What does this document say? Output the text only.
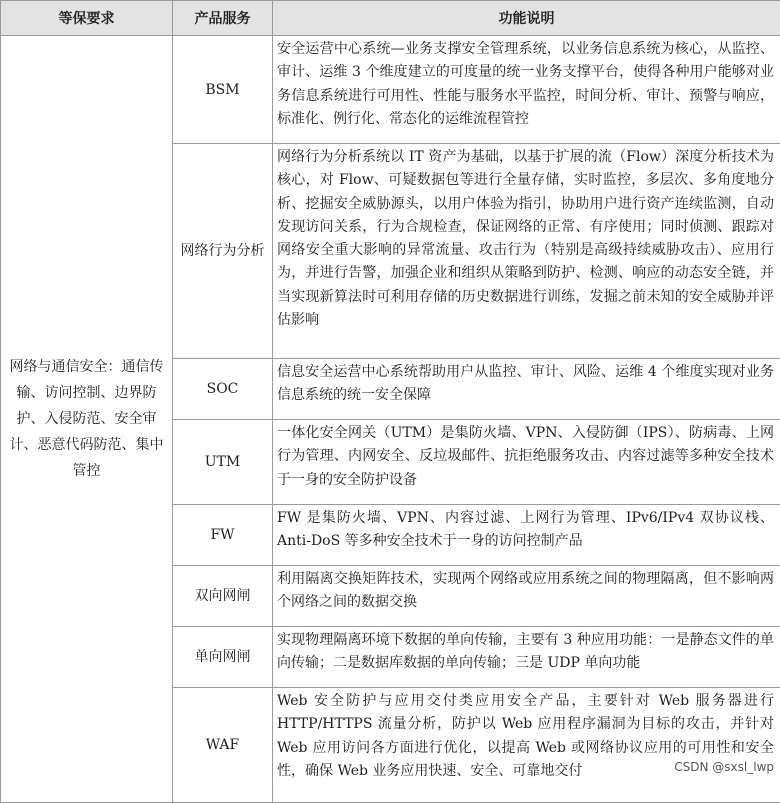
等保要求	产品服务	功能说明
网络与通信安全：通信传输、访问控制、边界防护、入侵防范、安全审计、恶意代码防范、集中管控	BSM	安全运营中心系统—业务支撑安全管理系统，以业务信息系统为核心，从监控、审计、运维 3 个维度建立的可度量的统一业务支撑平台，使得各种用户能够对业务信息系统进行可用性、性能与服务水平监控，时间分析、审计、预警与响应，标准化、例行化、常态化的运维流程管控
	网络行为分析	网络行为分析系统以 IT 资产为基础，以基于扩展的流（Flow）深度分析技术为核心，对 Flow、可疑数据包等进行全量存储，实时监控，多层次、多角度地分析、挖掘安全威胁源头，以用户体验为指引，协助用户进行资产连续监测，自动发现访问关系，行为合规检查，保证网络的正常、有序使用；同时侦测、跟踪对网络安全重大影响的异常流量、攻击行为（特别是高级持续威胁攻击）、应用行为，并进行告警，加强企业和组织从策略到防护、检测、响应的动态安全链，并当实现新算法时可利用存储的历史数据进行训练，发掘之前未知的安全威胁并评估影响
	SOC	信息安全运营中心系统帮助用户从监控、审计、风险、运维 4 个维度实现对业务信息系统的统一安全保障
	UTM	一体化安全网关（UTM）是集防火墙、VPN、入侵防御（IPS）、防病毒、上网行为管理、内网安全、反垃圾邮件、抗拒绝服务攻击、内容过滤等多种安全技术于一身的安全防护设备
	FW	FW 是集防火墙、VPN、内容过滤、上网行为管理、IPv6/IPv4 双协议栈、Anti-DoS 等多种安全技术于一身的访问控制产品
	双向网闸	利用隔离交换矩阵技术，实现两个网络或应用系统之间的物理隔离，但不影响两个网络之间的数据交换
	单向网闸	实现物理隔离环境下数据的单向传输，主要有 3 种应用功能：一是静态文件的单向传输；二是数据库数据的单向传输；三是 UDP 单向功能
	WAF	Web 安全防护与应用交付类应用安全产品，主要针对 Web 服务器进行 HTTP/HTTPS 流量分析，防护以 Web 应用程序漏洞为目标的攻击，并针对 Web 应用访问各方面进行优化，以提高 Web 或网络协议应用的可用性和安全性，确保 Web 业务应用快速、安全、可靠地交付	CSDN @sxsl_lwp
